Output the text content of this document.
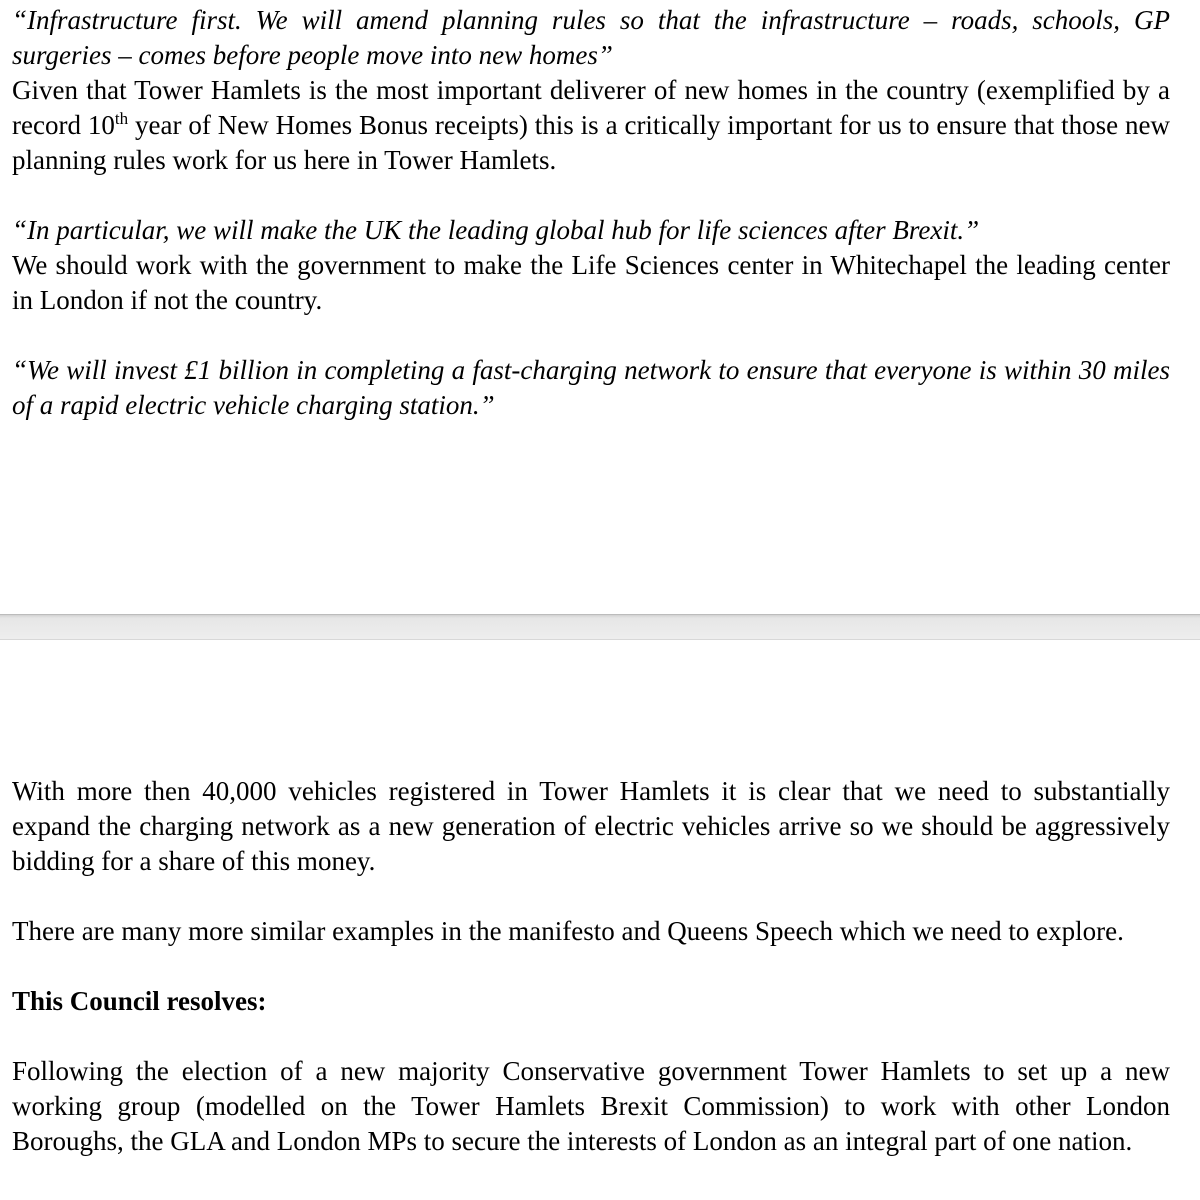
“Infrastructure first. We will amend planning rules so that the infrastructure – roads, schools, GP surgeries – comes before people move into new homes”

Given that Tower Hamlets is the most important deliverer of new homes in the country (exemplified by a record 10th year of New Homes Bonus receipts) this is a critically important for us to ensure that those new planning rules work for us here in Tower Hamlets.

“In particular, we will make the UK the leading global hub for life sciences after Brexit.”

We should work with the government to make the Life Sciences center in Whitechapel the leading center in London if not the country.

“We will invest £1 billion in completing a fast-charging network to ensure that everyone is within 30 miles of a rapid electric vehicle charging station.”

With more then 40,000 vehicles registered in Tower Hamlets it is clear that we need to substantially expand the charging network as a new generation of electric vehicles arrive so we should be aggressively bidding for a share of this money.

There are many more similar examples in the manifesto and Queens Speech which we need to explore.

This Council resolves:

Following the election of a new majority Conservative government Tower Hamlets to set up a new working group (modelled on the Tower Hamlets Brexit Commission) to work with other London Boroughs, the GLA and London MPs to secure the interests of London as an integral part of one nation.
